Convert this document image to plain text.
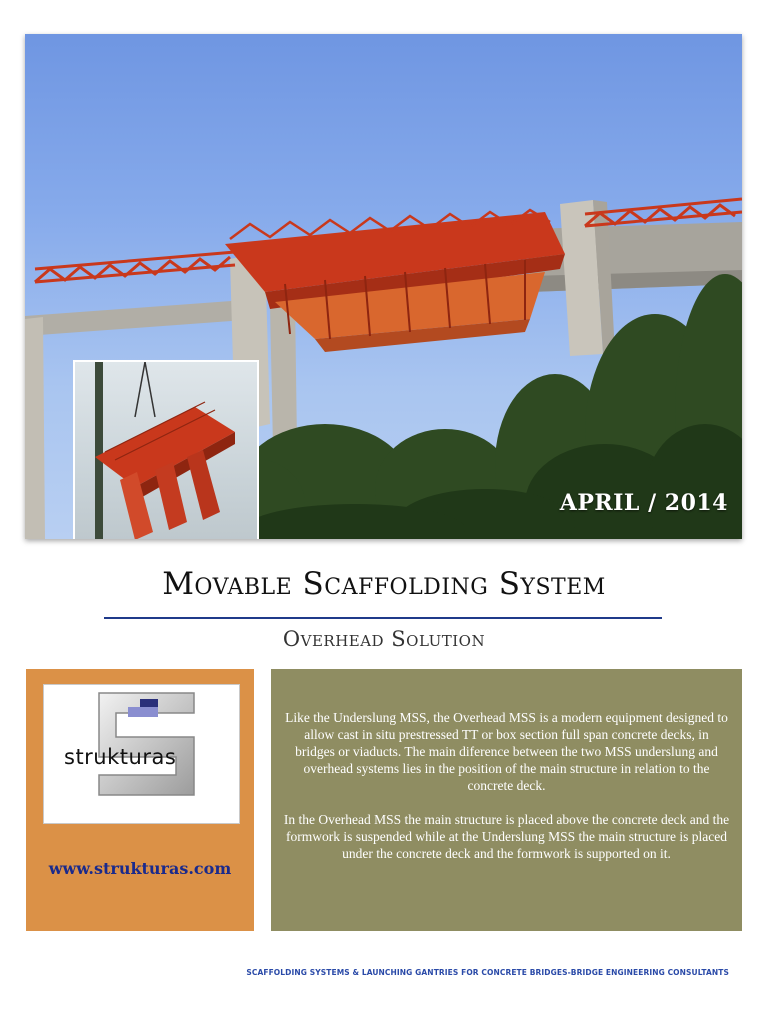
APRIL / 2014
Movable Scaffolding System
Overhead Solution
strukturas
www.strukturas.com

Like the Underslung MSS, the Overhead MSS is a modern equipment designed to allow cast in situ prestressed TT or box section full span concrete decks, in bridges or viaducts. The main diference between the two MSS underslung and overhead systems lies in the position of the main structure in relation to the concrete deck.

In the Overhead MSS the main structure is placed above the concrete deck and the formwork is suspended while at the Underslung MSS the main structure is placed under the concrete deck and the formwork is supported on it.

SCAFFOLDING SYSTEMS & LAUNCHING GANTRIES FOR CONCRETE BRIDGES-BRIDGE ENGINEERING CONSULTANTS
